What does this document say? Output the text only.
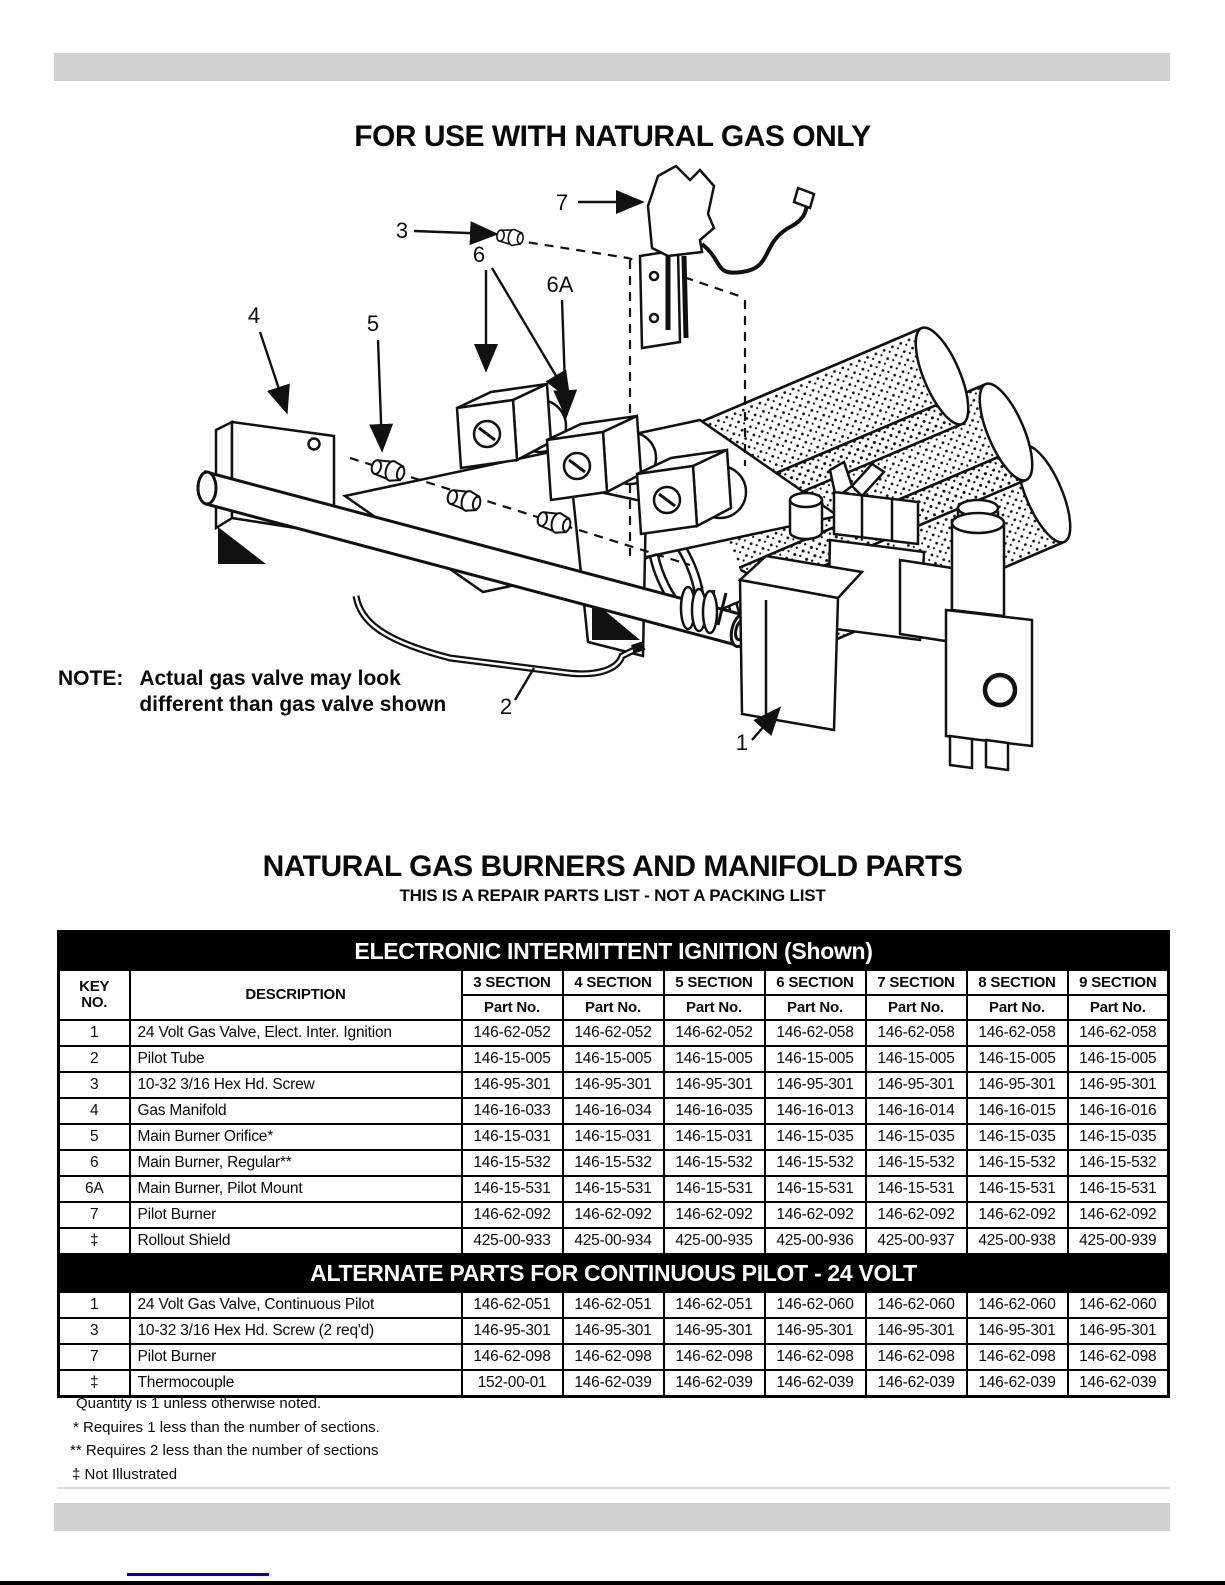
FOR USE WITH NATURAL GAS ONLY
7
3
6
6A
4	5
2
1
NOTE: Actual gas valve may look
different than gas valve shown
NATURAL GAS BURNERS AND MANIFOLD PARTS
THIS IS A REPAIR PARTS LIST - NOT A PACKING LIST
ELECTRONIC INTERMITTENT IGNITION (Shown)								
KEY
NO.	DESCRIPTION	3 SECTION	4 SECTION	5 SECTION	6 SECTION	7 SECTION	8 SECTION	9 SECTION
		Part No.	Part No.	Part No.	Part No.	Part No.	Part No.	Part No.
1	24 Volt Gas Valve, Elect. Inter. Ignition	146-62-052	146-62-052	146-62-052	146-62-058	146-62-058	146-62-058	146-62-058
2	Pilot Tube	146-15-005	146-15-005	146-15-005	146-15-005	146-15-005	146-15-005	146-15-005
3	10-32 3/16 Hex Hd. Screw	146-95-301	146-95-301	146-95-301	146-95-301	146-95-301	146-95-301	146-95-301
4	Gas Manifold	146-16-033	146-16-034	146-16-035	146-16-013	146-16-014	146-16-015	146-16-016
5	Main Burner Orifice*	146-15-031	146-15-031	146-15-031	146-15-035	146-15-035	146-15-035	146-15-035
6	Main Burner, Regular**	146-15-532	146-15-532	146-15-532	146-15-532	146-15-532	146-15-532	146-15-532
6A	Main Burner, Pilot Mount	146-15-531	146-15-531	146-15-531	146-15-531	146-15-531	146-15-531	146-15-531
7	Pilot Burner	146-62-092	146-62-092	146-62-092	146-62-092	146-62-092	146-62-092	146-62-092
‡	Rollout Shield	425-00-933	425-00-934	425-00-935	425-00-936	425-00-937	425-00-938	425-00-939
ALTERNATE PARTS FOR CONTINUOUS PILOT - 24 VOLT								
1	24 Volt Gas Valve, Continuous Pilot	146-62-051	146-62-051	146-62-051	146-62-060	146-62-060	146-62-060	146-62-060
3	10-32 3/16 Hex Hd. Screw (2 req'd)	146-95-301	146-95-301	146-95-301	146-95-301	146-95-301	146-95-301	146-95-301
7	Pilot Burner	146-62-098	146-62-098	146-62-098	146-62-098	146-62-098	146-62-098	146-62-098
‡	Thermocouple	152-00-01	146-62-039	146-62-039	146-62-039	146-62-039	146-62-039	146-62-039
Quantity is 1 unless otherwise noted.
* Requires 1 less than the number of sections.
** Requires 2 less than the number of sections
‡ Not Illustrated
